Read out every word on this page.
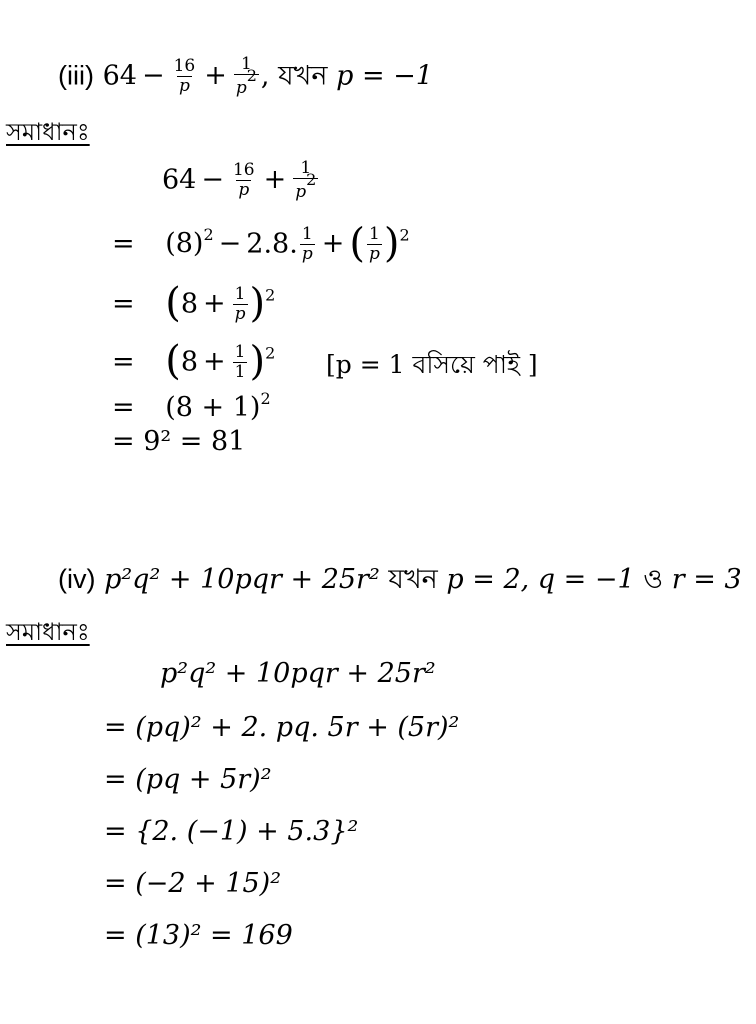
(iii) $64 - \frac{16}{p} + \frac{1}{p^2}$ , যখন p = −1
সমাধানঃ
$64 - \frac{16}{p} + \frac{1}{p^2}$
= $(8)^2 - 2.8$. $\frac{1}{p}$ + ( $\frac{1}{p} )^2$
= $(8 + \frac{1}{p} )^2$
= $(8 + \frac{1}{1} )^2$ [p = 1 বসিয়ে পাই ]
= $(8 + 1)^2$
= 9² = 81
(iv) p²q² + 10pqr + 25r² যখন p = 2, q = −1 ও r = 3
সমাধানঃ
p²q² + 10pqr + 25r²
= (pq)² + 2. pq. 5r + (5r)²
= (pq + 5r)²
= {2. (−1) + 5.3}²
= (−2 + 15)²
= (13)² = 169
